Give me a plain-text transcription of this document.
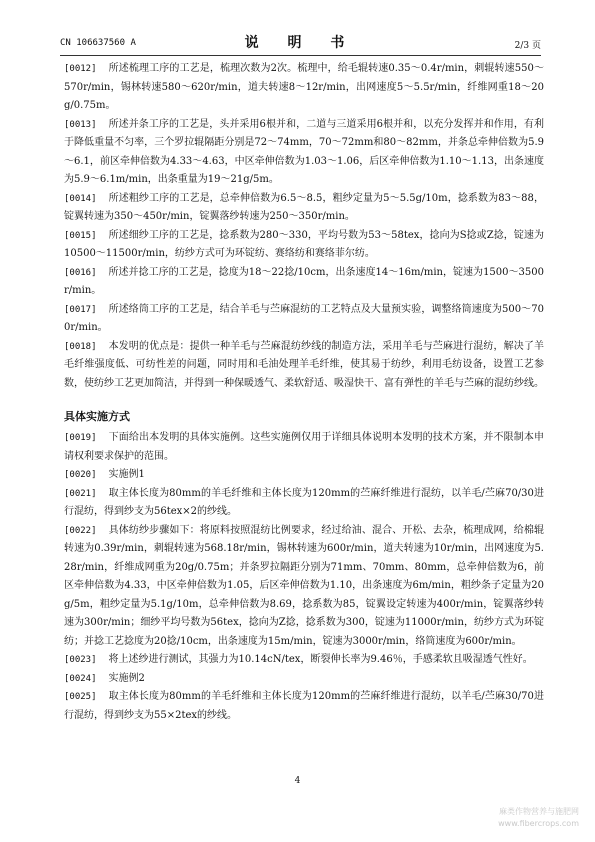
CN 106637560 A	说 明 书	2/3 页

[0012] 所述梳理工序的工艺是，梳理次数为2次。梳理中，给毛辊转速0.35～0.4r/min，刺辊转速550～570r/min，锡林转速580～620r/min，道夫转速8～12r/min，出网速度5～5.5r/min，纤维网重18～20g/0.75m。

[0013] 所述并条工序的工艺是，头并采用6根并和，二道与三道采用6根并和，以充分发挥并和作用，有利于降低重量不匀率，三个罗拉辊隔距分别是72～74mm，70～72mm和80～82mm，并条总牵伸倍数为5.9～6.1，前区牵伸倍数为4.33～4.63，中区牵伸倍数为1.03～1.06，后区牵伸倍数为1.10～1.13，出条速度为5.9～6.1m/min，出条重量为19～21g/5m。

[0014] 所述粗纱工序的工艺是，总牵伸倍数为6.5～8.5，粗纱定量为5～5.5g/10m，捻系数为83～88，锭翼转速为350～450r/min，锭翼落纱转速为250～350r/min。

[0015] 所述细纱工序的工艺是，捻系数为280～330，平均号数为53～58tex，捻向为S捻或Z捻，锭速为10500～11500r/min，纺纱方式可为环锭纺、赛络纺和赛络菲尔纺。

[0016] 所述并捻工序的工艺是，捻度为18～22捻/10cm，出条速度14～16m/min，锭速为1500～3500r/min。

[0017] 所述络筒工序的工艺是，结合羊毛与苎麻混纺的工艺特点及大量预实验，调整络筒速度为500～700r/min。

[0018] 本发明的优点是：提供一种羊毛与苎麻混纺纱线的制造方法，采用羊毛与苎麻进行混纺，解决了羊毛纤维强度低、可纺性差的问题，同时用和毛油处理羊毛纤维，使其易于纺纱，利用毛纺设备，设置工艺参数，使纺纱工艺更加简洁，并得到一种保暖透气、柔软舒适、吸湿快干、富有弹性的羊毛与苎麻的混纺纱线。

具体实施方式

[0019] 下面给出本发明的具体实施例。这些实施例仅用于详细具体说明本发明的技术方案，并不限制本申请权利要求保护的范围。

[0020] 实施例1

[0021] 取主体长度为80mm的羊毛纤维和主体长度为120mm的苎麻纤维进行混纺，以羊毛/苎麻70/30进行混纺，得到纱支为56tex×2的纱线。

[0022] 具体纺纱步骤如下：将原料按照混纺比例要求，经过给油、混合、开松、去杂，梳理成网，给棉辊转速为0.39r/min，刺辊转速为568.18r/min，锡林转速为600r/min，道夫转速为10r/min，出网速度为5.28r/min，纤维成网重为20g/0.75m；并条罗拉隔距分别为71mm、70mm、80mm，总牵伸倍数为6，前区牵伸倍数为4.33，中区牵伸倍数为1.05，后区牵伸倍数为1.10，出条速度为6m/min，粗纱条子定量为20g/5m，粗纱定量为5.1g/10m，总牵伸倍数为8.69，捻系数为85，锭翼设定转速为400r/min，锭翼落纱转速为300r/min；细纱平均号数为56tex，捻向为Z捻，捻系数为300，锭速为11000r/min，纺纱方式为环锭纺；并捻工艺捻度为20捻/10cm，出条速度为15m/min，锭速为3000r/min，络筒速度为600r/min。

[0023] 将上述纱进行测试，其强力为10.14cN/tex，断裂伸长率为9.46％，手感柔软且吸湿透气性好。

[0024] 实施例2

[0025] 取主体长度为80mm的羊毛纤维和主体长度为120mm的苎麻纤维进行混纺，以羊毛/苎麻30/70进行混纺，得到纱支为55×2tex的纱线。

4
麻类作物营养与施肥网
www.fibercrops.com
